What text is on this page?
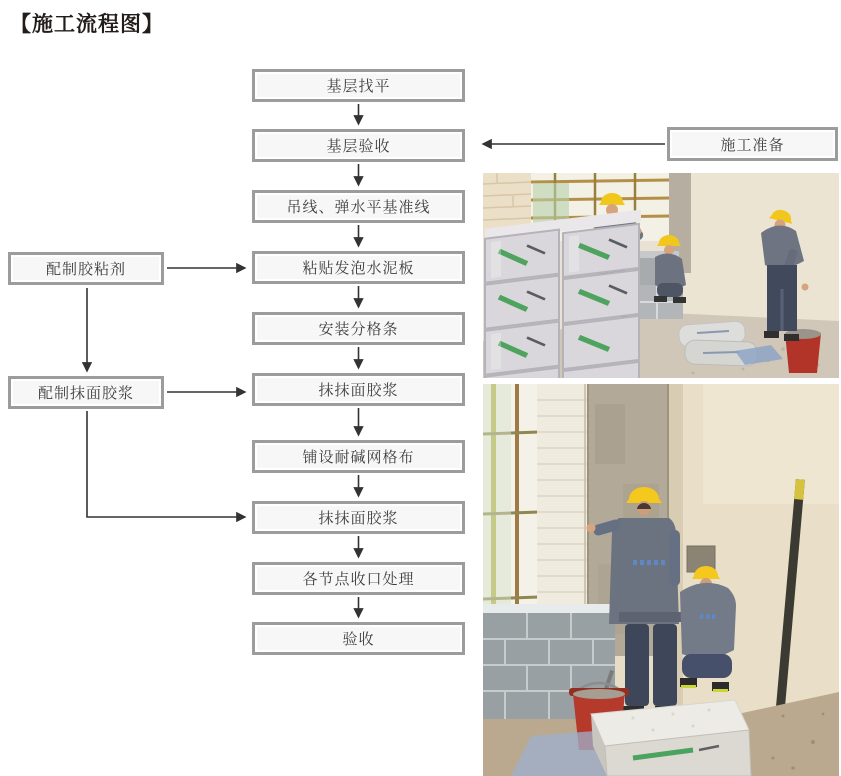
【施工流程图】
基层找平
基层验收
吊线、弹水平基准线
粘贴发泡水泥板
安装分格条
抹抹面胶浆
铺设耐碱网格布
抹抹面胶浆
各节点收口处理
验收
配制胶粘剂
配制抹面胶浆
施工准备
